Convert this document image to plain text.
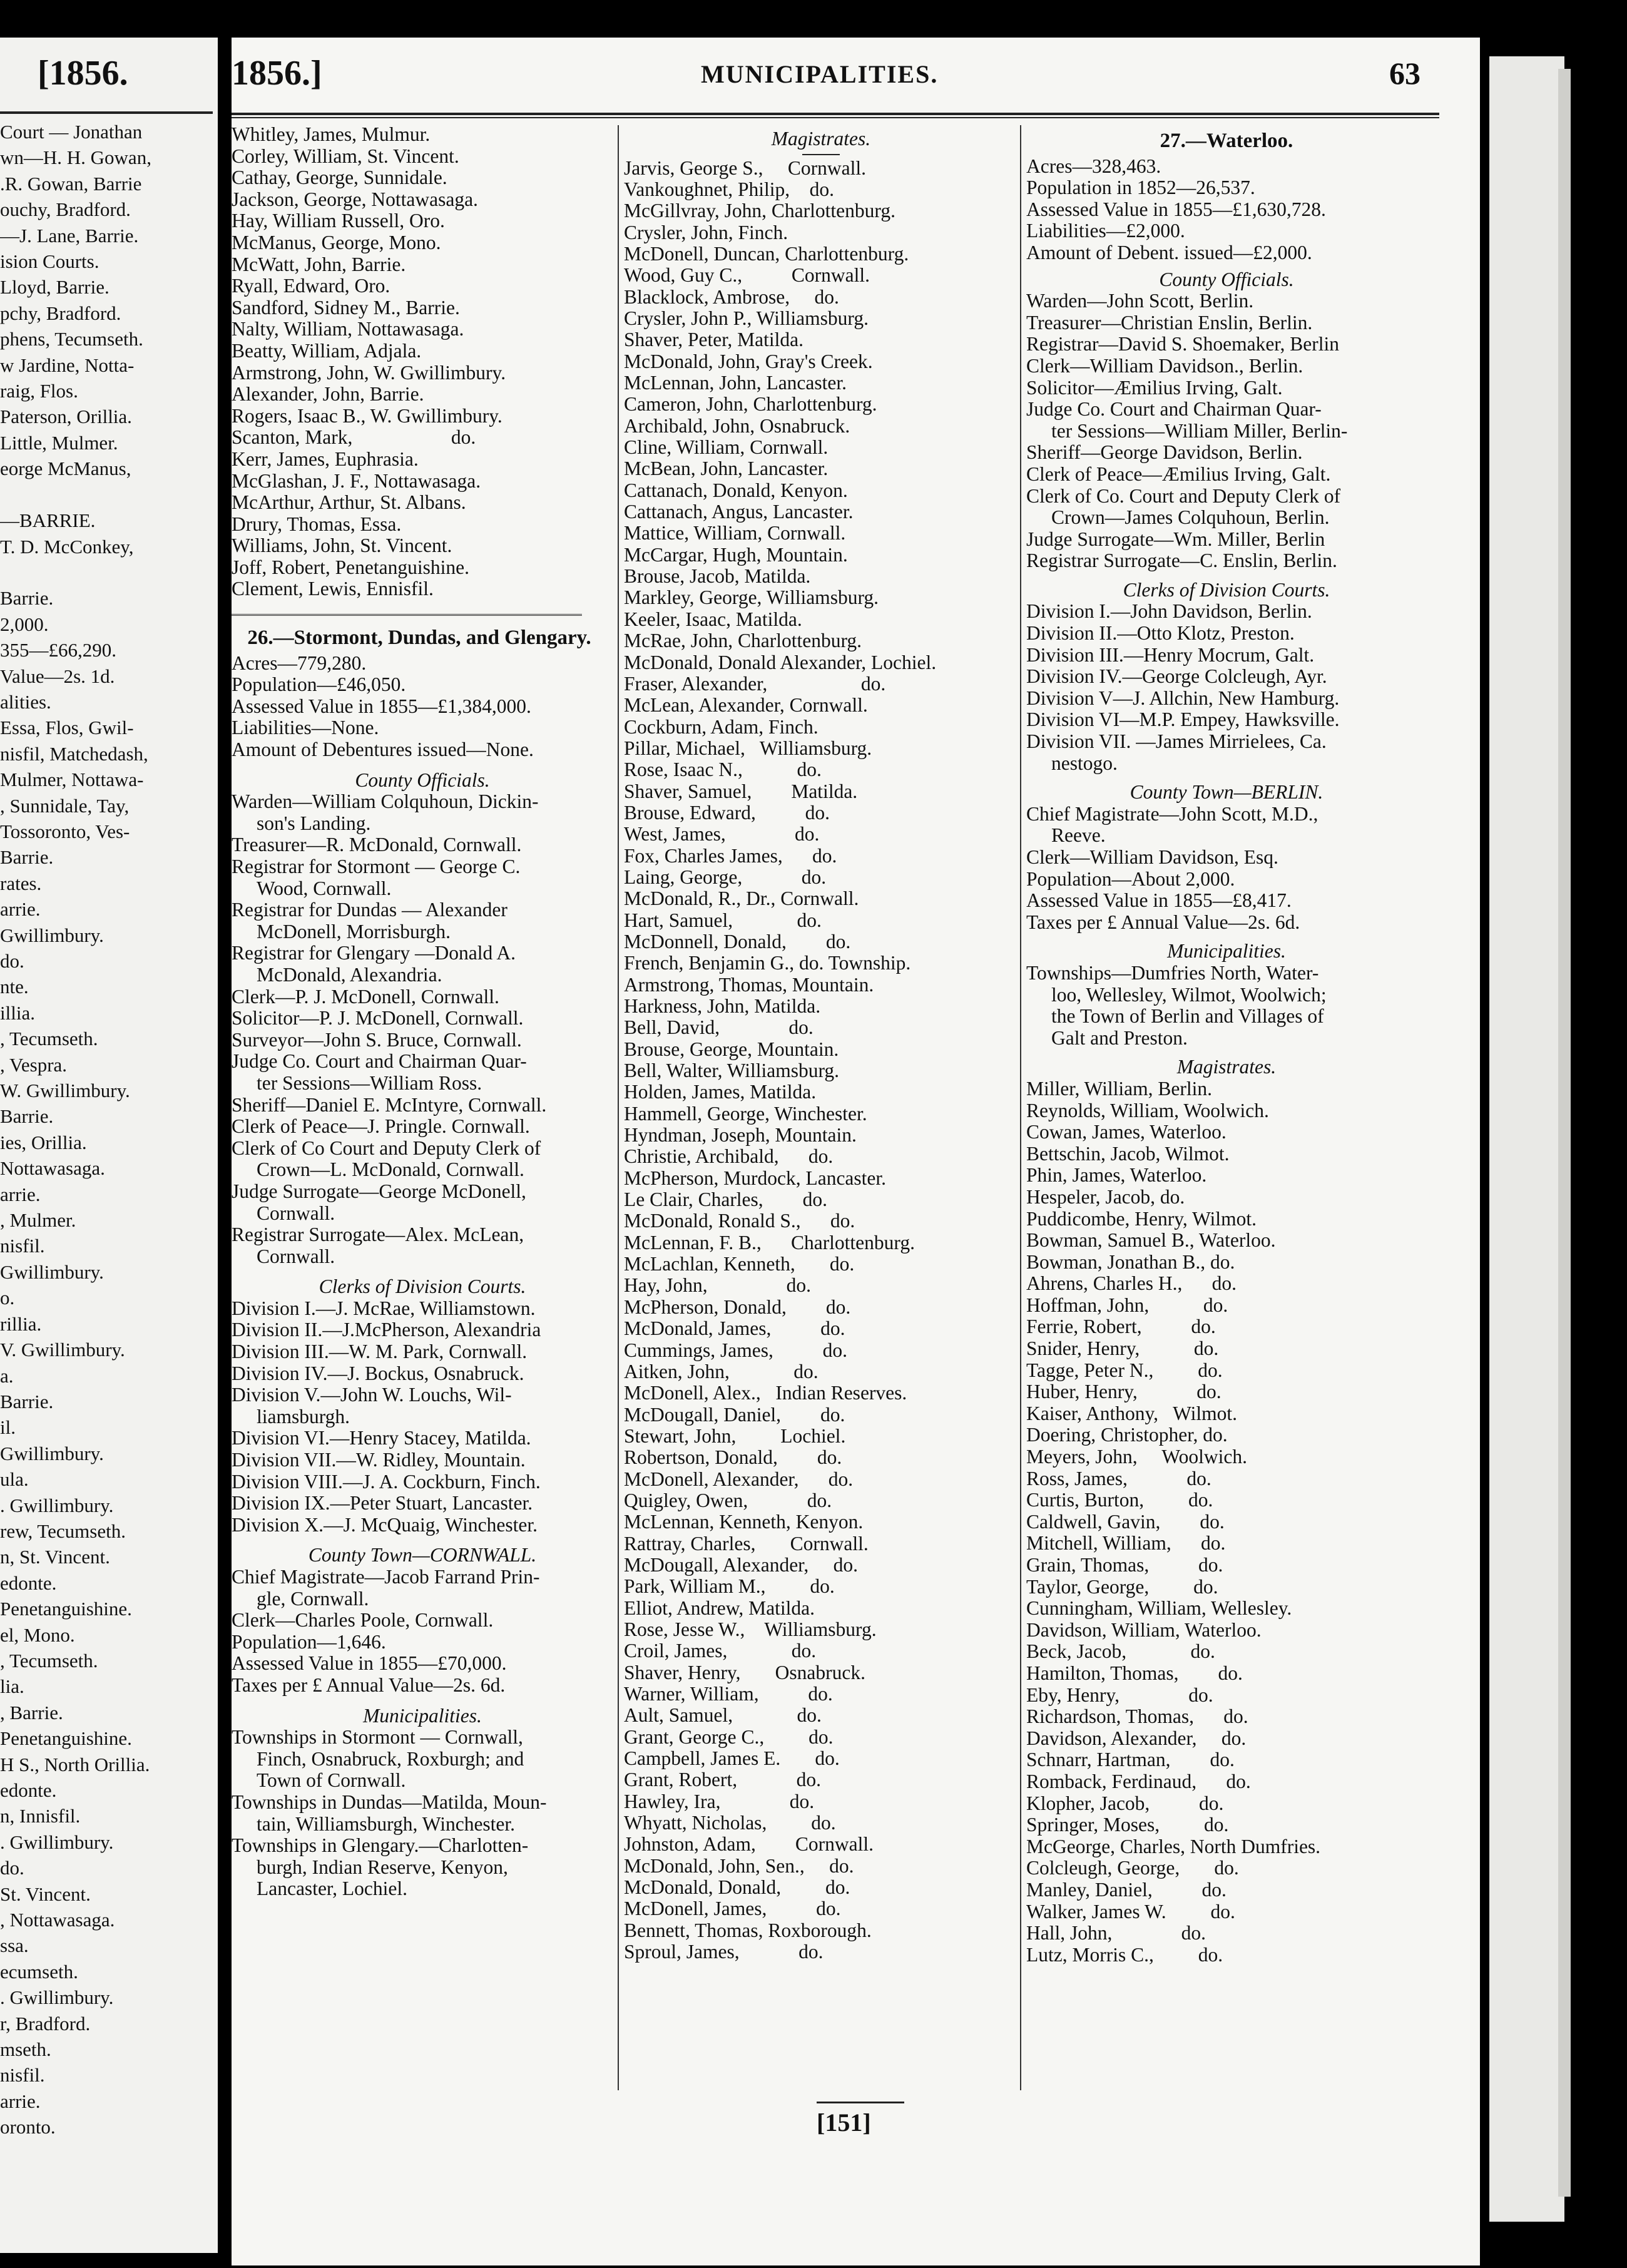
[1856.
Court — Jonathan
wn—H. H. Gowan,
.R. Gowan, Barrie
ouchy, Bradford.
—J. Lane, Barrie.
ision Courts.
Lloyd, Barrie.
pchy, Bradford.
phens, Tecumseth.
w Jardine, Notta-
raig, Flos.
Paterson, Orillia.
Little, Mulmer.
eorge McManus,

—BARRIE.
T. D. McConkey,

Barrie.
2,000.
355—£66,290.
Value—2s. 1d.
alities.
Essa, Flos, Gwil-
nisfil, Matchedash,
Mulmer, Nottawa-
, Sunnidale, Tay,
Tossoronto, Ves-
Barrie.
rates.
arrie.
Gwillimbury.
do.
nte.
illia.
, Tecumseth.
, Vespra.
W. Gwillimbury.
Barrie.
ies, Orillia.
Nottawasaga.
arrie.
, Mulmer.
nisfil.
Gwillimbury.
o.
rillia.
V. Gwillimbury.
a.
Barrie.
il.
Gwillimbury.
ula.
. Gwillimbury.
rew, Tecumseth.
n, St. Vincent.
edonte.
Penetanguishine.
el, Mono.
, Tecumseth.
lia.
, Barrie.
Penetanguishine.
H S., North Orillia.
edonte.
n, Innisfil.
. Gwillimbury.
do.
St. Vincent.
, Nottawasaga.
ssa.
ecumseth.
. Gwillimbury.
r, Bradford.
mseth.
nisfil.
arrie.
oronto.
1856.]	MUNICIPALITIES.	63
Whitley, James, Mulmur.
Corley, William, St. Vincent.
Cathay, George, Sunnidale.
Jackson, George, Nottawasaga.
Hay, William Russell, Oro.
McManus, George, Mono.
McWatt, John, Barrie.
Ryall, Edward, Oro.
Sandford, Sidney M., Barrie.
Nalty, William, Nottawasaga.
Beatty, William, Adjala.
Armstrong, John, W. Gwillimbury.
Alexander, John, Barrie.
Rogers, Isaac B., W. Gwillimbury.
Scanton, Mark,                    do.
Kerr, James, Euphrasia.
McGlashan, J. F., Nottawasaga.
McArthur, Arthur, St. Albans.
Drury, Thomas, Essa.
Williams, John, St. Vincent.
Joff, Robert, Penetanguishine.
Clement, Lewis, Ennisfil.
26.—Stormont, Dundas, and Glengary.
Acres—779,280.
Population—£46,050.
Assessed Value in 1855—£1,384,000.
Liabilities—None.
Amount of Debentures issued—None.
County Officials.
Warden—William Colquhoun, Dickin-
son's Landing.
Treasurer—R. McDonald, Cornwall.
Registrar for Stormont — George C.
Wood, Cornwall.
Registrar for Dundas — Alexander
McDonell, Morrisburgh.
Registrar for Glengary —Donald A.
McDonald, Alexandria.
Clerk—P. J. McDonell, Cornwall.
Solicitor—P. J. McDonell, Cornwall.
Surveyor—John S. Bruce, Cornwall.
Judge Co. Court and Chairman Quar-
ter Sessions—William Ross.
Sheriff—Daniel E. McIntyre, Cornwall.
Clerk of Peace—J. Pringle. Cornwall.
Clerk of Co Court and Deputy Clerk of
Crown—L. McDonald, Cornwall.
Judge Surrogate—George McDonell,
Cornwall.
Registrar Surrogate—Alex. McLean,
Cornwall.
Clerks of Division Courts.
Division I.—J. McRae, Williamstown.
Division II.—J.McPherson, Alexandria
Division III.—W. M. Park, Cornwall.
Division IV.—J. Bockus, Osnabruck.
Division V.—John W. Louchs, Wil-
liamsburgh.
Division VI.—Henry Stacey, Matilda.
Division VII.—W. Ridley, Mountain.
Division VIII.—J. A. Cockburn, Finch.
Division IX.—Peter Stuart, Lancaster.
Division X.—J. McQuaig, Winchester.
County Town—CORNWALL.
Chief Magistrate—Jacob Farrand Prin-
gle, Cornwall.
Clerk—Charles Poole, Cornwall.
Population—1,646.
Assessed Value in 1855—£70,000.
Taxes per £ Annual Value—2s. 6d.
Municipalities.
Townships in Stormont — Cornwall,
Finch, Osnabruck, Roxburgh; and
Town of Cornwall.
Townships in Dundas—Matilda, Moun-
tain, Williamsburgh, Winchester.
Townships in Glengary.—Charlotten-
burgh, Indian Reserve, Kenyon,
Lancaster, Lochiel.
Magistrates.
Jarvis, George S.,     Cornwall.
Vankoughnet, Philip,    do.
McGillvray, John, Charlottenburg.
Crysler, John, Finch.
McDonell, Duncan, Charlottenburg.
Wood, Guy C.,          Cornwall.
Blacklock, Ambrose,     do.
Crysler, John P., Williamsburg.
Shaver, Peter, Matilda.
McDonald, John, Gray's Creek.
McLennan, John, Lancaster.
Cameron, John, Charlottenburg.
Archibald, John, Osnabruck.
Cline, William, Cornwall.
McBean, John, Lancaster.
Cattanach, Donald, Kenyon.
Cattanach, Angus, Lancaster.
Mattice, William, Cornwall.
McCargar, Hugh, Mountain.
Brouse, Jacob, Matilda.
Markley, George, Williamsburg.
Keeler, Isaac, Matilda.
McRae, John, Charlottenburg.
McDonald, Donald Alexander, Lochiel.
Fraser, Alexander,                   do.
McLean, Alexander, Cornwall.
Cockburn, Adam, Finch.
Pillar, Michael,   Williamsburg.
Rose, Isaac N.,           do.
Shaver, Samuel,        Matilda.
Brouse, Edward,          do.
West, James,              do.
Fox, Charles James,      do.
Laing, George,            do.
McDonald, R., Dr., Cornwall.
Hart, Samuel,             do.
McDonnell, Donald,        do.
French, Benjamin G., do. Township.
Armstrong, Thomas, Mountain.
Harkness, John, Matilda.
Bell, David,              do.
Brouse, George, Mountain.
Bell, Walter, Williamsburg.
Holden, James, Matilda.
Hammell, George, Winchester.
Hyndman, Joseph, Mountain.
Christie, Archibald,      do.
McPherson, Murdock, Lancaster.
Le Clair, Charles,        do.
McDonald, Ronald S.,      do.
McLennan, F. B.,      Charlottenburg.
McLachlan, Kenneth,       do.
Hay, John,                do.
McPherson, Donald,        do.
McDonald, James,          do.
Cummings, James,          do.
Aitken, John,             do.
McDonell, Alex.,   Indian Reserves.
McDougall, Daniel,        do.
Stewart, John,         Lochiel.
Robertson, Donald,        do.
McDonell, Alexander,      do.
Quigley, Owen,            do.
McLennan, Kenneth, Kenyon.
Rattray, Charles,       Cornwall.
McDougall, Alexander,     do.
Park, William M.,         do.
Elliot, Andrew, Matilda.
Rose, Jesse W.,    Williamsburg.
Croil, James,             do.
Shaver, Henry,       Osnabruck.
Warner, William,          do.
Ault, Samuel,             do.
Grant, George C.,         do.
Campbell, James E.       do.
Grant, Robert,            do.
Hawley, Ira,              do.
Whyatt, Nicholas,         do.
Johnston, Adam,        Cornwall.
McDonald, John, Sen.,     do.
McDonald, Donald,         do.
McDonell, James,          do.
Bennett, Thomas, Roxborough.
Sproul, James,            do.
27.—Waterloo.
Acres—328,463.
Population in 1852—26,537.
Assessed Value in 1855—£1,630,728.
Liabilities—£2,000.
Amount of Debent. issued—£2,000.
County Officials.
Warden—John Scott, Berlin.
Treasurer—Christian Enslin, Berlin.
Registrar—David S. Shoemaker, Berlin
Clerk—William Davidson., Berlin.
Solicitor—Æmilius Irving, Galt.
Judge Co. Court and Chairman Quar-
ter Sessions—William Miller, Berlin-
Sheriff—George Davidson, Berlin.
Clerk of Peace—Æmilius Irving, Galt.
Clerk of Co. Court and Deputy Clerk of
Crown—James Colquhoun, Berlin.
Judge Surrogate—Wm. Miller, Berlin
Registrar Surrogate—C. Enslin, Berlin.
Clerks of Division Courts.
Division I.—John Davidson, Berlin.
Division II.—Otto Klotz, Preston.
Division III.—Henry Mocrum, Galt.
Division IV.—George Colcleugh, Ayr.
Division V—J. Allchin, New Hamburg.
Division VI—M.P. Empey, Hawksville.
Division VII. —James Mirrielees, Ca.
nestogo.
County Town—BERLIN.
Chief Magistrate—John Scott, M.D.,
Reeve.
Clerk—William Davidson, Esq.
Population—About 2,000.
Assessed Value in 1855—£8,417.
Taxes per £ Annual Value—2s. 6d.
Municipalities.
Townships—Dumfries North, Water-
loo, Wellesley, Wilmot, Woolwich;
the Town of Berlin and Villages of
Galt and Preston.
Magistrates.
Miller, William, Berlin.
Reynolds, William, Woolwich.
Cowan, James, Waterloo.
Bettschin, Jacob, Wilmot.
Phin, James, Waterloo.
Hespeler, Jacob, do.
Puddicombe, Henry, Wilmot.
Bowman, Samuel B., Waterloo.
Bowman, Jonathan B., do.
Ahrens, Charles H.,      do.
Hoffman, John,           do.
Ferrie, Robert,          do.
Snider, Henry,           do.
Tagge, Peter N.,         do.
Huber, Henry,            do.
Kaiser, Anthony,   Wilmot.
Doering, Christopher, do.
Meyers, John,     Woolwich.
Ross, James,            do.
Curtis, Burton,         do.
Caldwell, Gavin,        do.
Mitchell, William,      do.
Grain, Thomas,          do.
Taylor, George,         do.
Cunningham, William, Wellesley.
Davidson, William, Waterloo.
Beck, Jacob,             do.
Hamilton, Thomas,        do.
Eby, Henry,              do.
Richardson, Thomas,      do.
Davidson, Alexander,     do.
Schnarr, Hartman,        do.
Romback, Ferdinaud,      do.
Klopher, Jacob,          do.
Springer, Moses,         do.
McGeorge, Charles, North Dumfries.
Colcleugh, George,       do.
Manley, Daniel,          do.
Walker, James W.         do.
Hall, John,              do.
Lutz, Morris C.,         do.
[151]
